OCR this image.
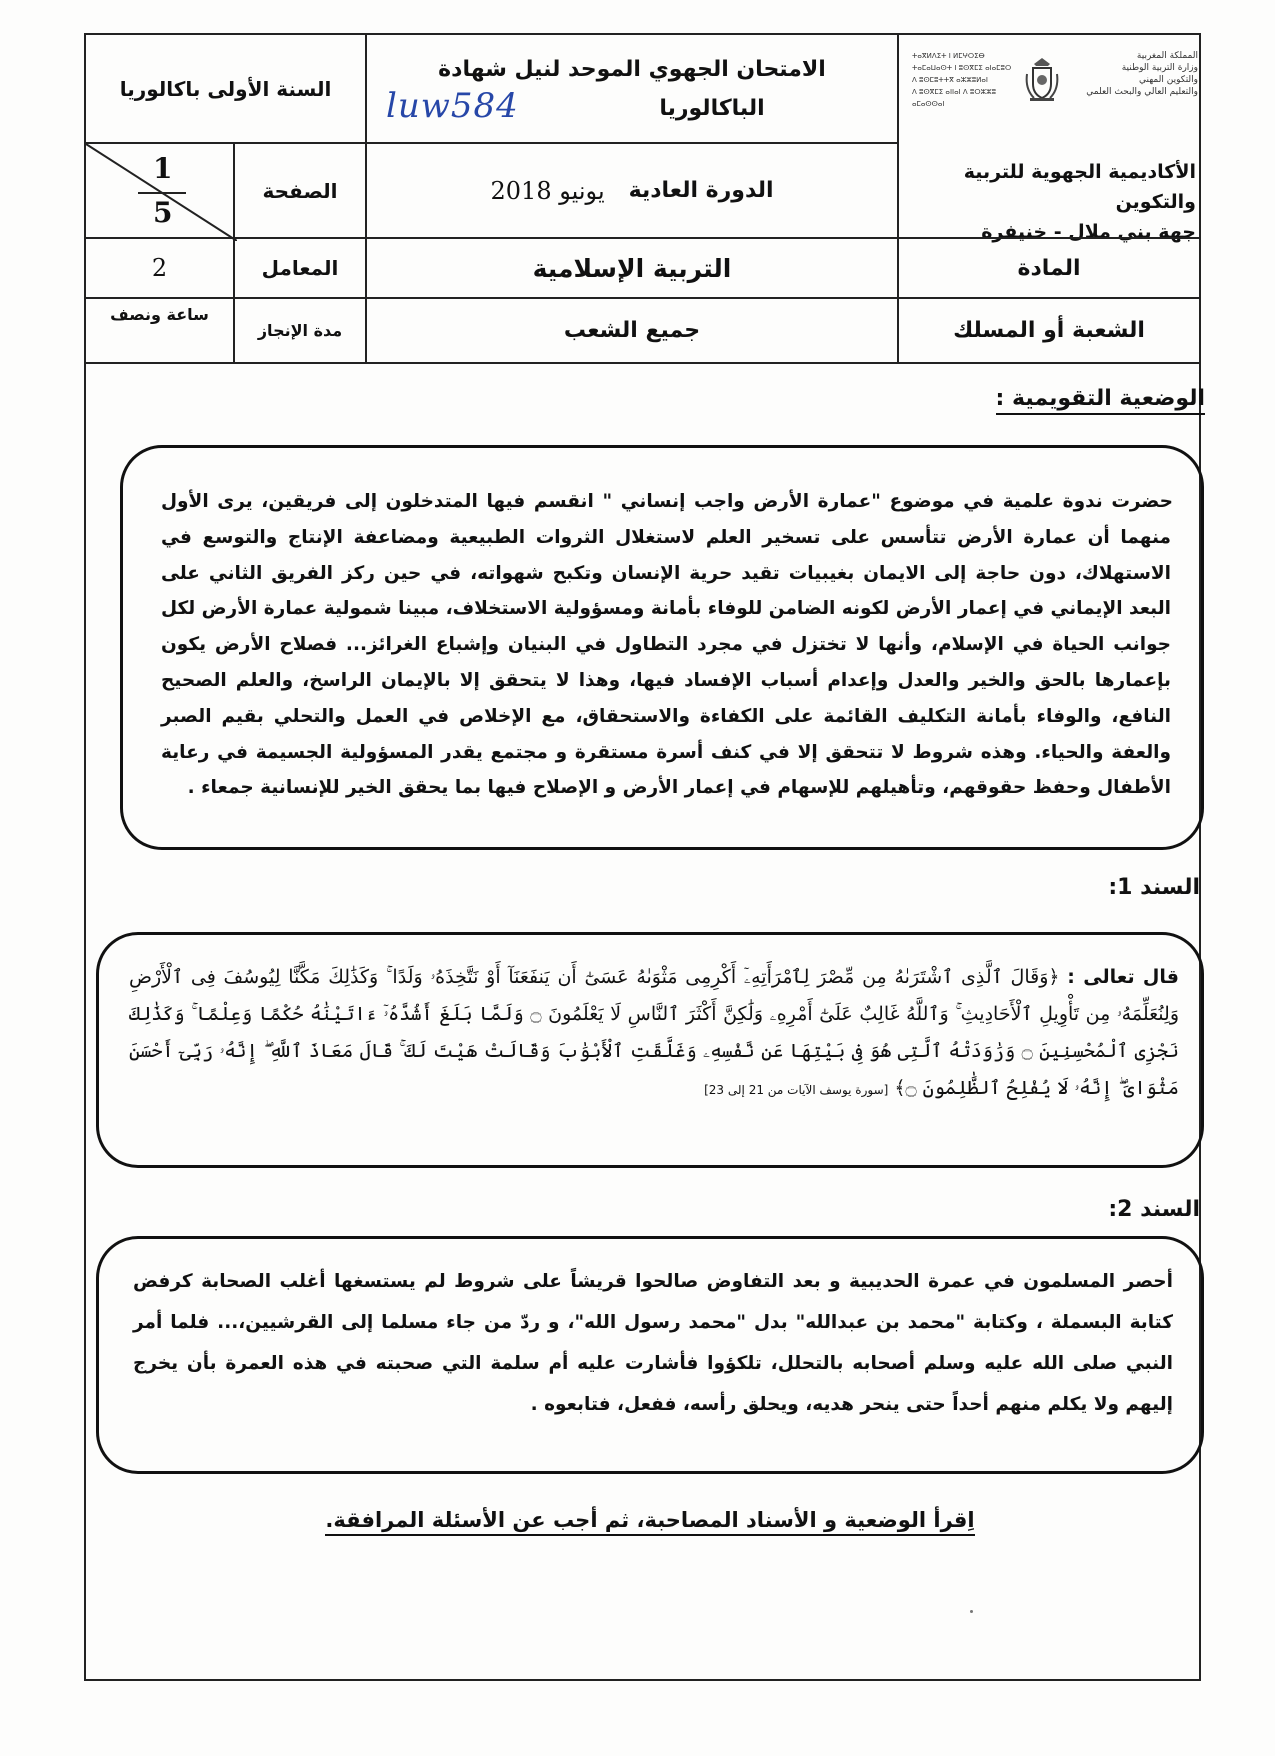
المملكة المغربية
وزارة التربية الوطنية
والتكوين المهني
والتعليم العالي والبحث العلمي
ⵜⴰⴳⵍⴷⵉⵜ ⵏ ⵍⵎⵖⵔⵉⴱ
ⵜⴰⵎⴰⵡⴰⵙⵜ ⵏ ⵓⵙⴳⵎⵉ ⴰⵏⴰⵎⵓⵔ
ⴷ ⵓⵙⵎⵓⵜⵜⴳ ⴰⵣⵣⵓⵍⴰⵏ
ⴷ ⵓⵙⴳⵎⵉ ⴰⵏⵏⴰⵏ ⴷ ⵓⵔⵣⵣⵓ ⴰⵎⴰⵙⵙⴰⵏ
الامتحان الجهوي الموحد لنيل شهادة
الباكالوريا
luw584
السنة الأولى باكالوريا
الأكاديمية الجهوية للتربية والتكوين
جهة بني ملال - خنيفرة
الدورة العادية
يونيو 2018
الصفحة
1
5
المادة
التربية الإسلامية
المعامل
2
الشعبة أو المسلك
جميع الشعب
مدة الإنجاز
ساعة ونصف
الوضعية التقويمية :
حضرت ندوة علمية في موضوع "عمارة الأرض واجب إنساني " انقسم فيها المتدخلون إلى فريقين، يرى الأول منهما أن عمارة الأرض تتأسس على تسخير العلم لاستغلال الثروات الطبيعية ومضاعفة الإنتاج والتوسع في الاستهلاك، دون حاجة إلى الايمان بغيبيات تقيد حرية الإنسان وتكبح شهواته، في حين ركز الفريق الثاني على البعد الإيماني في إعمار الأرض لكونه الضامن للوفاء بأمانة ومسؤولية الاستخلاف، مبينا شمولية عمارة الأرض لكل جوانب الحياة في الإسلام، وأنها لا تختزل في مجرد التطاول في البنيان وإشباع الغرائز... فصلاح الأرض يكون بإعمارها بالحق والخير والعدل وإعدام أسباب الإفساد فيها، وهذا لا يتحقق إلا بالإيمان الراسخ، والعلم الصحيح النافع، والوفاء بأمانة التكليف القائمة على الكفاءة والاستحقاق، مع الإخلاص في العمل والتحلي بقيم الصبر والعفة والحياء. وهذه شروط لا تتحقق إلا في كنف أسرة مستقرة و مجتمع يقدر المسؤولية الجسيمة في رعاية الأطفال وحفظ حقوقهم، وتأهيلهم للإسهام في إعمار الأرض و الإصلاح فيها بما يحقق الخير للإنسانية جمعاء .
السند 1:
قال تعالى : ﴿وَقَالَ ٱلَّذِى ٱشْتَرَىٰهُ مِن مِّصْرَ لِٱمْرَأَتِهِۦٓ أَكْرِمِى مَثْوَىٰهُ عَسَىٰٓ أَن يَنفَعَنَآ أَوْ نَتَّخِذَهُۥ وَلَدًا ۚ وَكَذَٰلِكَ مَكَّنَّا لِيُوسُفَ فِى ٱلْأَرْضِ وَلِنُعَلِّمَهُۥ مِن تَأْوِيلِ ٱلْأَحَادِيثِ ۚ وَٱللَّهُ غَالِبٌ عَلَىٰٓ أَمْرِهِۦ وَلَٰكِنَّ أَكْثَرَ ٱلنَّاسِ لَا يَعْلَمُونَ ۝ وَلَمَّا بَلَغَ أَشُدَّهُۥٓ ءَاتَيْنَٰهُ حُكْمًا وَعِلْمًا ۚ وَكَذَٰلِكَ نَجْزِى ٱلْمُحْسِنِينَ ۝ وَرَٰوَدَتْهُ ٱلَّتِى هُوَ فِى بَيْتِهَا عَن نَّفْسِهِۦ وَغَلَّقَتِ ٱلْأَبْوَٰبَ وَقَالَتْ هَيْتَ لَكَ ۚ قَالَ مَعَاذَ ٱللَّهِ ۖ إِنَّهُۥ رَبِّىٓ أَحْسَنَ مَثْوَاىَ ۖ إِنَّهُۥ لَا يُفْلِحُ ٱلظَّٰلِمُونَ ۝﴾ [سورة يوسف الآيات من 21 إلى 23]
السند 2:
أحصر المسلمون في عمرة الحديبية و بعد التفاوض صالحوا قريشاً على شروط لم يستسغها أغلب الصحابة كرفض كتابة البسملة ، وكتابة "محمد بن عبدالله" بدل "محمد رسول الله"، و ردّ من جاء مسلما إلى القرشيين،... فلما أمر النبي صلى الله عليه وسلم أصحابه بالتحلل، تلكؤوا فأشارت عليه أم سلمة التي صحبته في هذه العمرة بأن يخرج إليهم ولا يكلم منهم أحداً حتى ينحر هديه، ويحلق رأسه، ففعل، فتابعوه .
اِقرأ الوضعية و الأسناد المصاحبة، ثم أجب عن الأسئلة المرافقة.
